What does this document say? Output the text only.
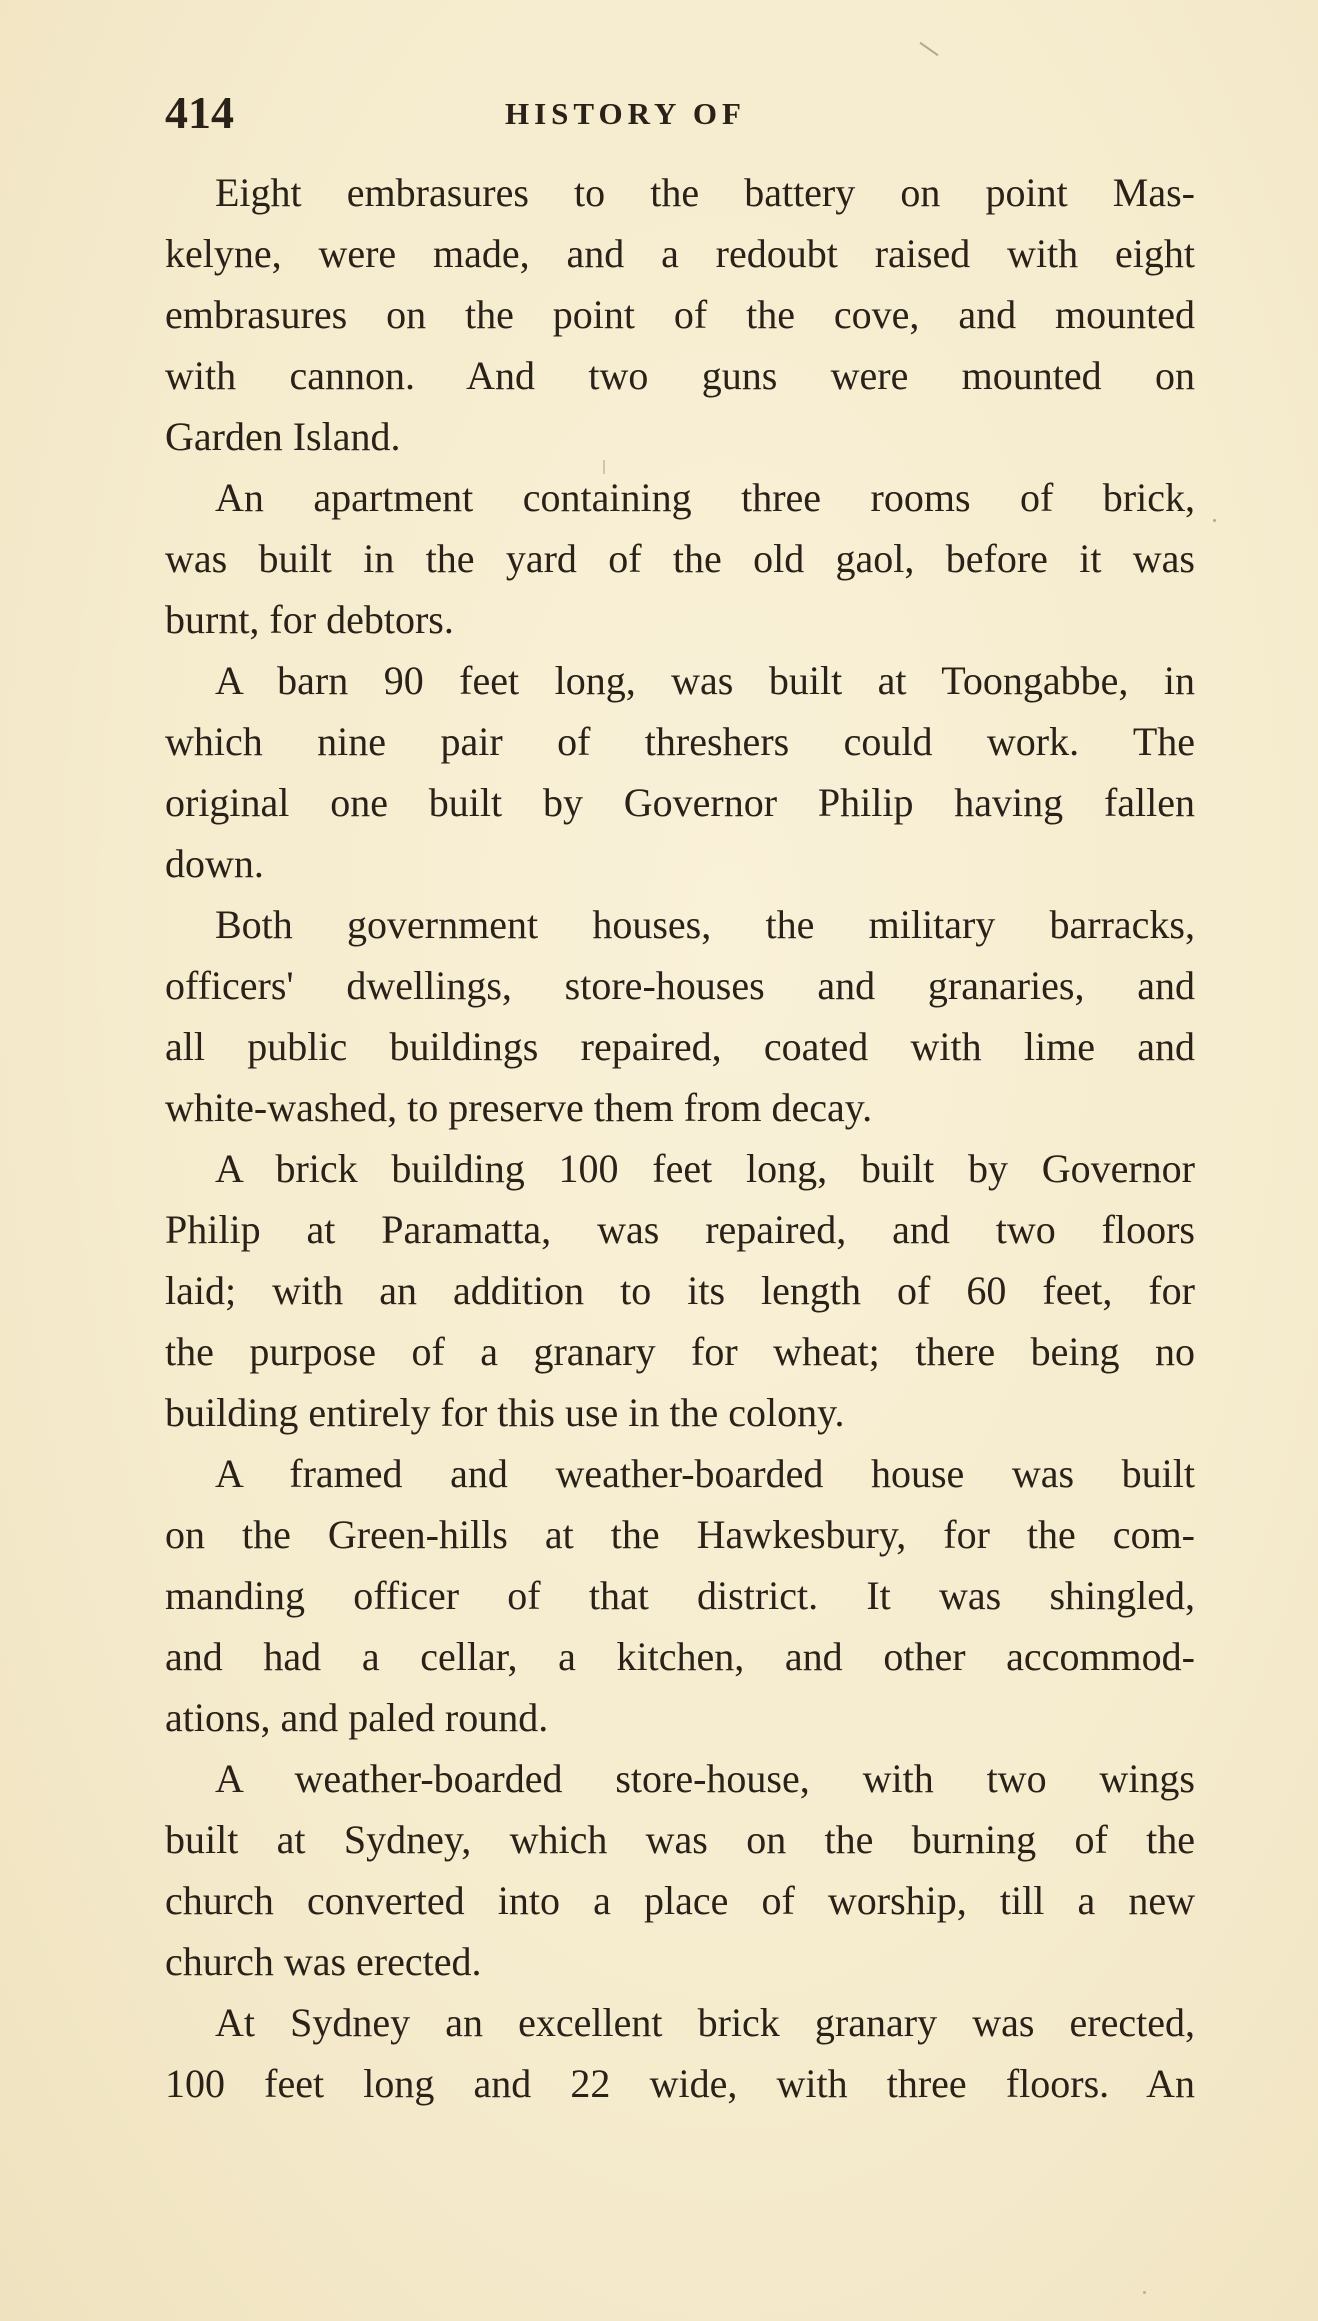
414	HISTORY OF
Eight embrasures to the battery on point Mas-
kelyne, were made, and a redoubt raised with eight
embrasures on the point of the cove, and mounted
with cannon. And two guns were mounted on
Garden Island.
An apartment containing three rooms of brick,
was built in the yard of the old gaol, before it was
burnt, for debtors.
A barn 90 feet long, was built at Toongabbe, in
which nine pair of threshers could work. The
original one built by Governor Philip having fallen
down.
Both government houses, the military barracks,
officers' dwellings, store-houses and granaries, and
all public buildings repaired, coated with lime and
white-washed, to preserve them from decay.
A brick building 100 feet long, built by Governor
Philip at Paramatta, was repaired, and two floors
laid; with an addition to its length of 60 feet, for
the purpose of a granary for wheat; there being no
building entirely for this use in the colony.
A framed and weather-boarded house was built
on the Green-hills at the Hawkesbury, for the com-
manding officer of that district. It was shingled,
and had a cellar, a kitchen, and other accommod-
ations, and paled round.
A weather-boarded store-house, with two wings
built at Sydney, which was on the burning of the
church converted into a place of worship, till a new
church was erected.
At Sydney an excellent brick granary was erected,
100 feet long and 22 wide, with three floors. An
